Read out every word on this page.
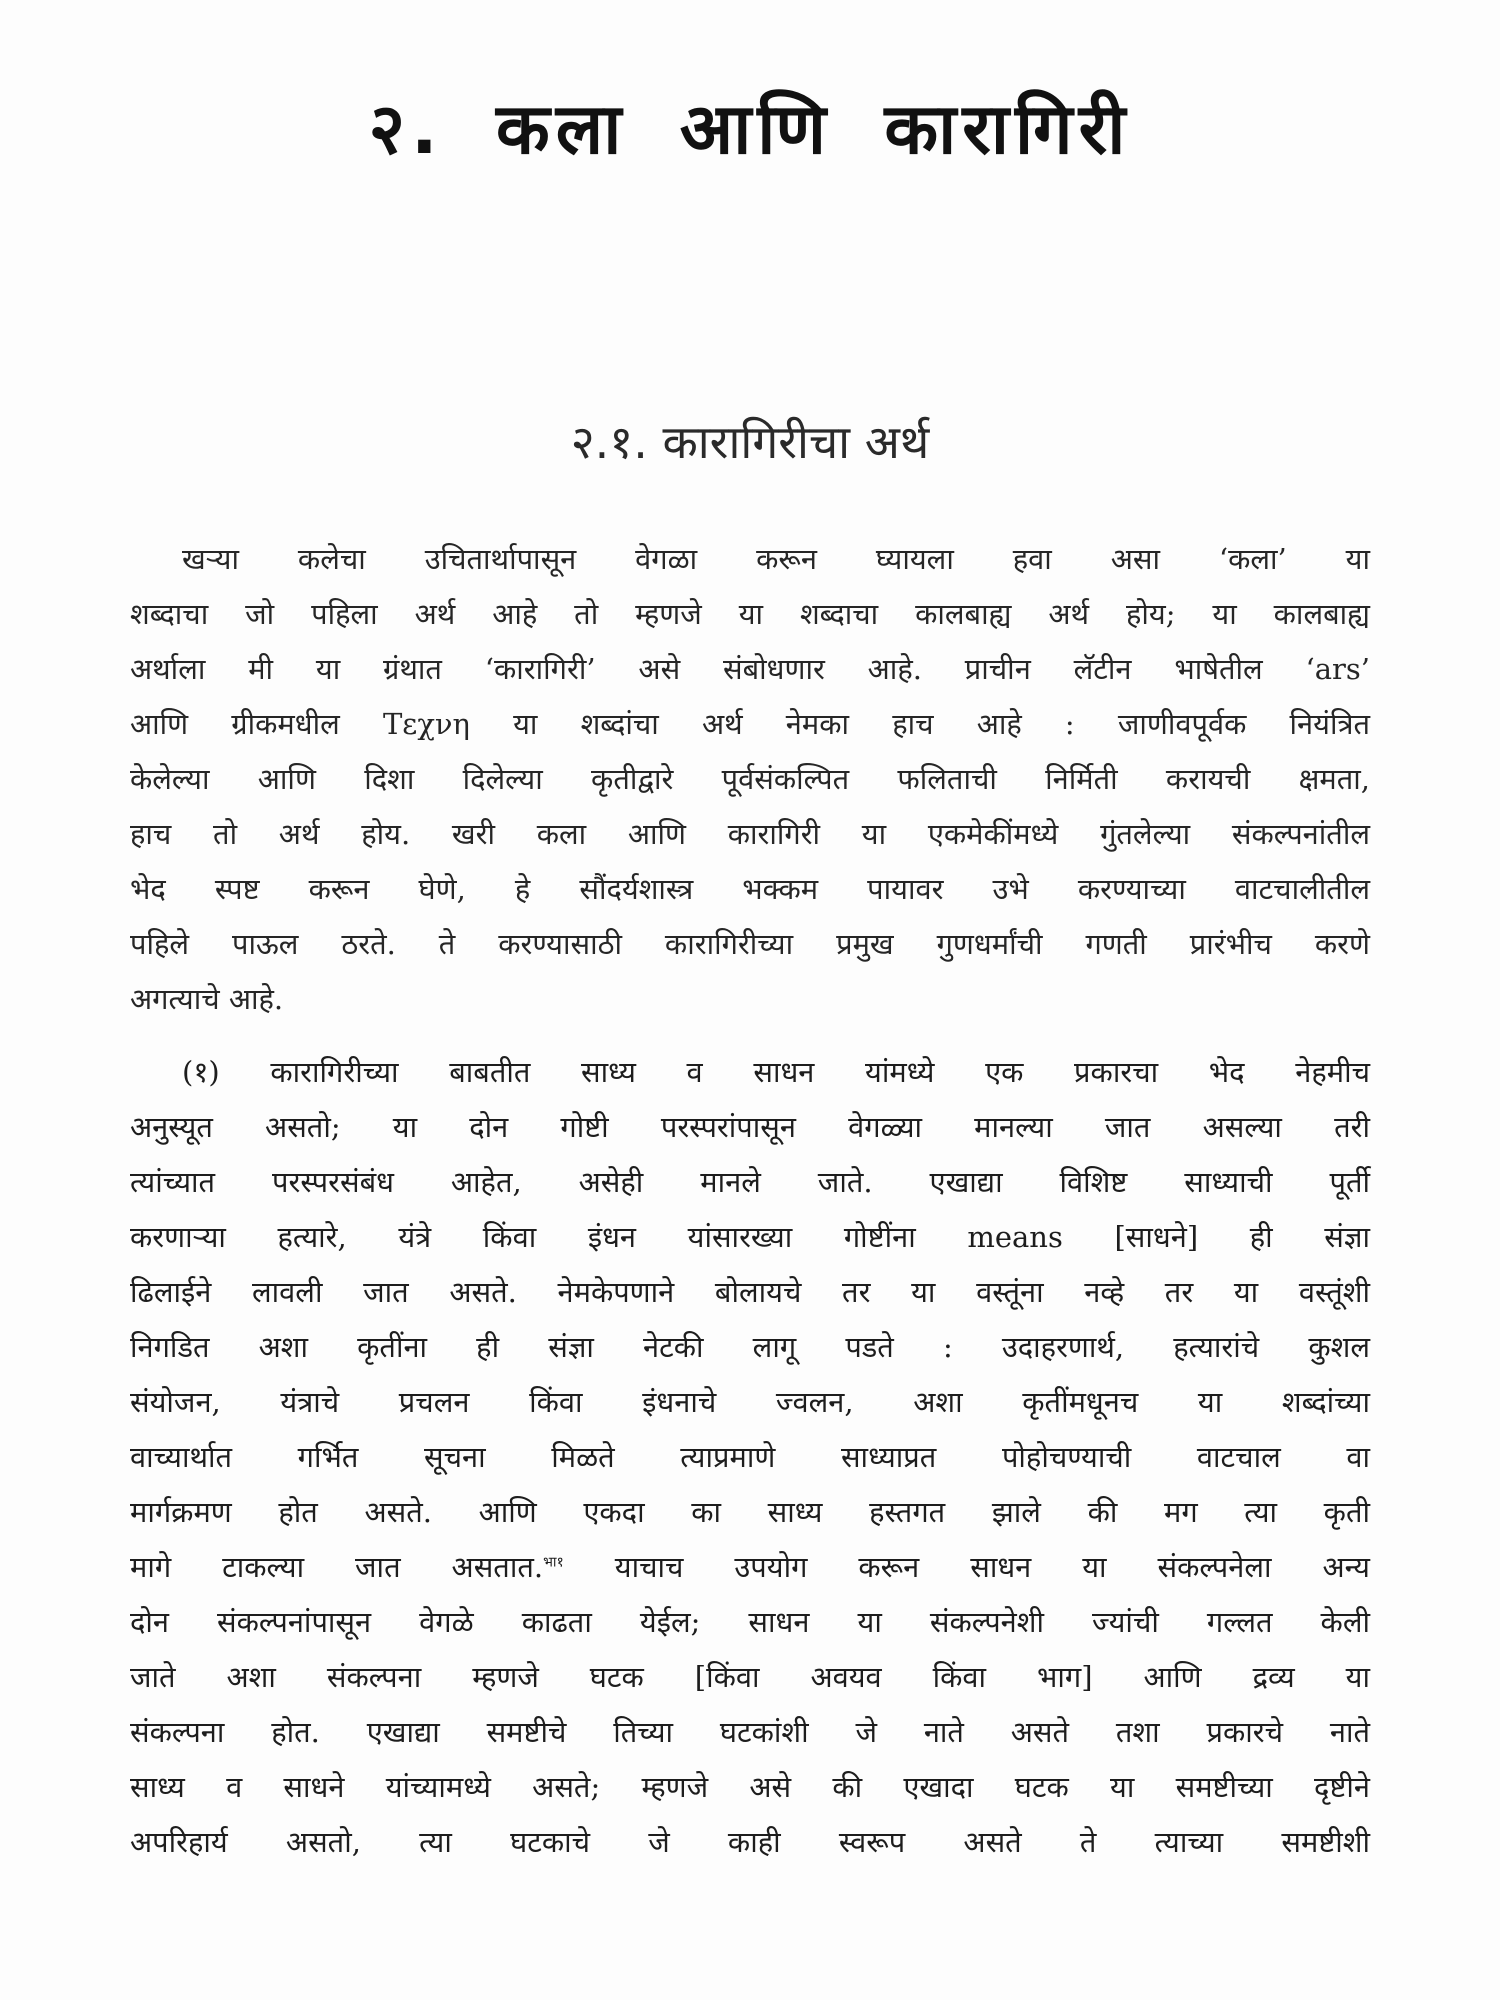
२. कला आणि कारागिरी
२.१. कारागिरीचा अर्थ
खऱ्या कलेचा उचितार्थापासून वेगळा करून घ्यायला हवा असा ‘कला’ या
शब्दाचा जो पहिला अर्थ आहे तो म्हणजे या शब्दाचा कालबाह्य अर्थ होय; या कालबाह्य
अर्थाला मी या ग्रंथात ‘कारागिरी’ असे संबोधणार आहे. प्राचीन लॅटीन भाषेतील ‘ars’
आणि ग्रीकमधील Τεχνη या शब्दांचा अर्थ नेमका हाच आहे : जाणीवपूर्वक नियंत्रित
केलेल्या आणि दिशा दिलेल्या कृतीद्वारे पूर्वसंकल्पित फलिताची निर्मिती करायची क्षमता,
हाच तो अर्थ होय. खरी कला आणि कारागिरी या एकमेकींमध्ये गुंतलेल्या संकल्पनांतील
भेद स्पष्ट करून घेणे, हे सौंदर्यशास्त्र भक्कम पायावर उभे करण्याच्या वाटचालीतील
पहिले पाऊल ठरते. ते करण्यासाठी कारागिरीच्या प्रमुख गुणधर्मांची गणती प्रारंभीच करणे
अगत्याचे आहे.
(१) कारागिरीच्या बाबतीत साध्य व साधन यांमध्ये एक प्रकारचा भेद नेहमीच
अनुस्यूत असतो; या दोन गोष्टी परस्परांपासून वेगळ्या मानल्या जात असल्या तरी
त्यांच्यात परस्परसंबंध आहेत, असेही मानले जाते. एखाद्या विशिष्ट साध्याची पूर्ती
करणाऱ्या हत्यारे, यंत्रे किंवा इंधन यांसारख्या गोष्टींना means [साधने] ही संज्ञा
ढिलाईने लावली जात असते. नेमकेपणाने बोलायचे तर या वस्तूंना नव्हे तर या वस्तूंशी
निगडित अशा कृतींना ही संज्ञा नेटकी लागू पडते : उदाहरणार्थ, हत्यारांचे कुशल
संयोजन, यंत्राचे प्रचलन किंवा इंधनाचे ज्वलन, अशा कृतींमधूनच या शब्दांच्या
वाच्यार्थात गर्भित सूचना मिळते त्याप्रमाणे साध्याप्रत पोहोचण्याची वाटचाल वा
मार्गक्रमण होत असते. आणि एकदा का साध्य हस्तगत झाले की मग त्या कृती
मागे टाकल्या जात असतात.$^{भा१}$ याचाच उपयोग करून साधन या संकल्पनेला अन्य
दोन संकल्पनांपासून वेगळे काढता येईल; साधन या संकल्पनेशी ज्यांची गल्लत केली
जाते अशा संकल्पना म्हणजे घटक [किंवा अवयव किंवा भाग] आणि द्रव्य या
संकल्पना होत. एखाद्या समष्टीचे तिच्या घटकांशी जे नाते असते तशा प्रकारचे नाते
साध्य व साधने यांच्यामध्ये असते; म्हणजे असे की एखादा घटक या समष्टीच्या दृष्टीने
अपरिहार्य असतो, त्या घटकाचे जे काही स्वरूप असते ते त्याच्या समष्टीशी
